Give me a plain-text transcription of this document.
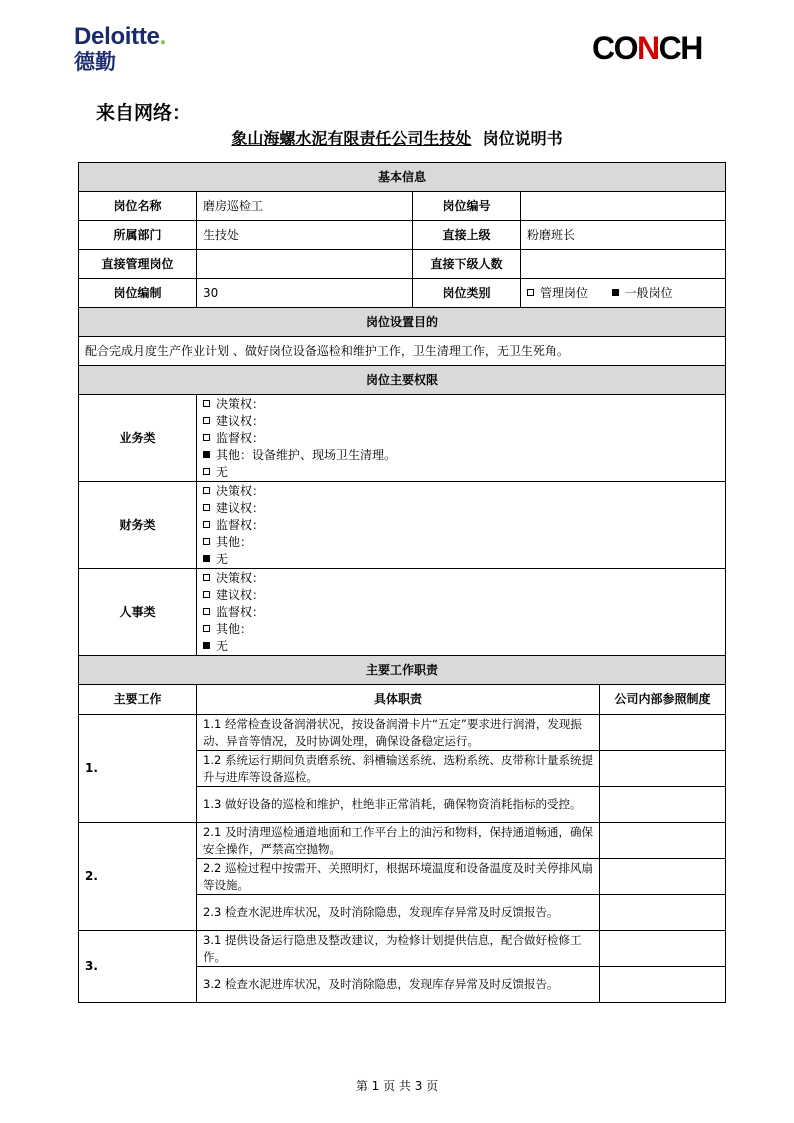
Deloitte.
德勤	CONCH
来自网络：
象山海螺水泥有限责任公司生技处  岗位说明书
基本信息				
岗位名称	磨房巡检工	岗位编号		
所属部门	生技处	直接上级	粉磨班长	
直接管理岗位		直接下级人数		
岗位编制	30	岗位类别	管理岗位 一般岗位	
岗位设置目的				
配合完成月度生产作业计划 、做好岗位设备巡检和维护工作，卫生清理工作，无卫生死角。				
岗位主要权限				
业务类	决策权：
建议权：
监督权：
其他：设备维护、现场卫生清理。
无			

财务类	决策权：
建议权：
监督权：
其他：
无			

人事类	决策权：
建议权：
监督权：
其他：
无			

主要工作职责				
主要工作	具体职责			公司内部参照制度
1.	1.1 经常检查设备润滑状况，按设备润滑卡片“五定”要求进行润滑，发现振动、异音等情况，及时协调处理，确保设备稳定运行。			
	1.2 系统运行期间负责磨系统、斜槽输送系统、选粉系统、皮带称计量系统提升与进库等设备巡检。			
	1.3 做好设备的巡检和维护，杜绝非正常消耗，确保物资消耗指标的受控。			
2.	2.1 及时清理巡检通道地面和工作平台上的油污和物料，保持通道畅通，确保安全操作，严禁高空抛物。			
	2.2 巡检过程中按需开、关照明灯，根据环境温度和设备温度及时关停排风扇等设施。			
	2.3 检查水泥进库状况，及时消除隐患，发现库存异常及时反馈报告。			
3.	3.1 提供设备运行隐患及整改建议，为检修计划提供信息，配合做好检修工作。			
	3.2 检查水泥进库状况，及时消除隐患，发现库存异常及时反馈报告。			
第 1 页 共 3 页
